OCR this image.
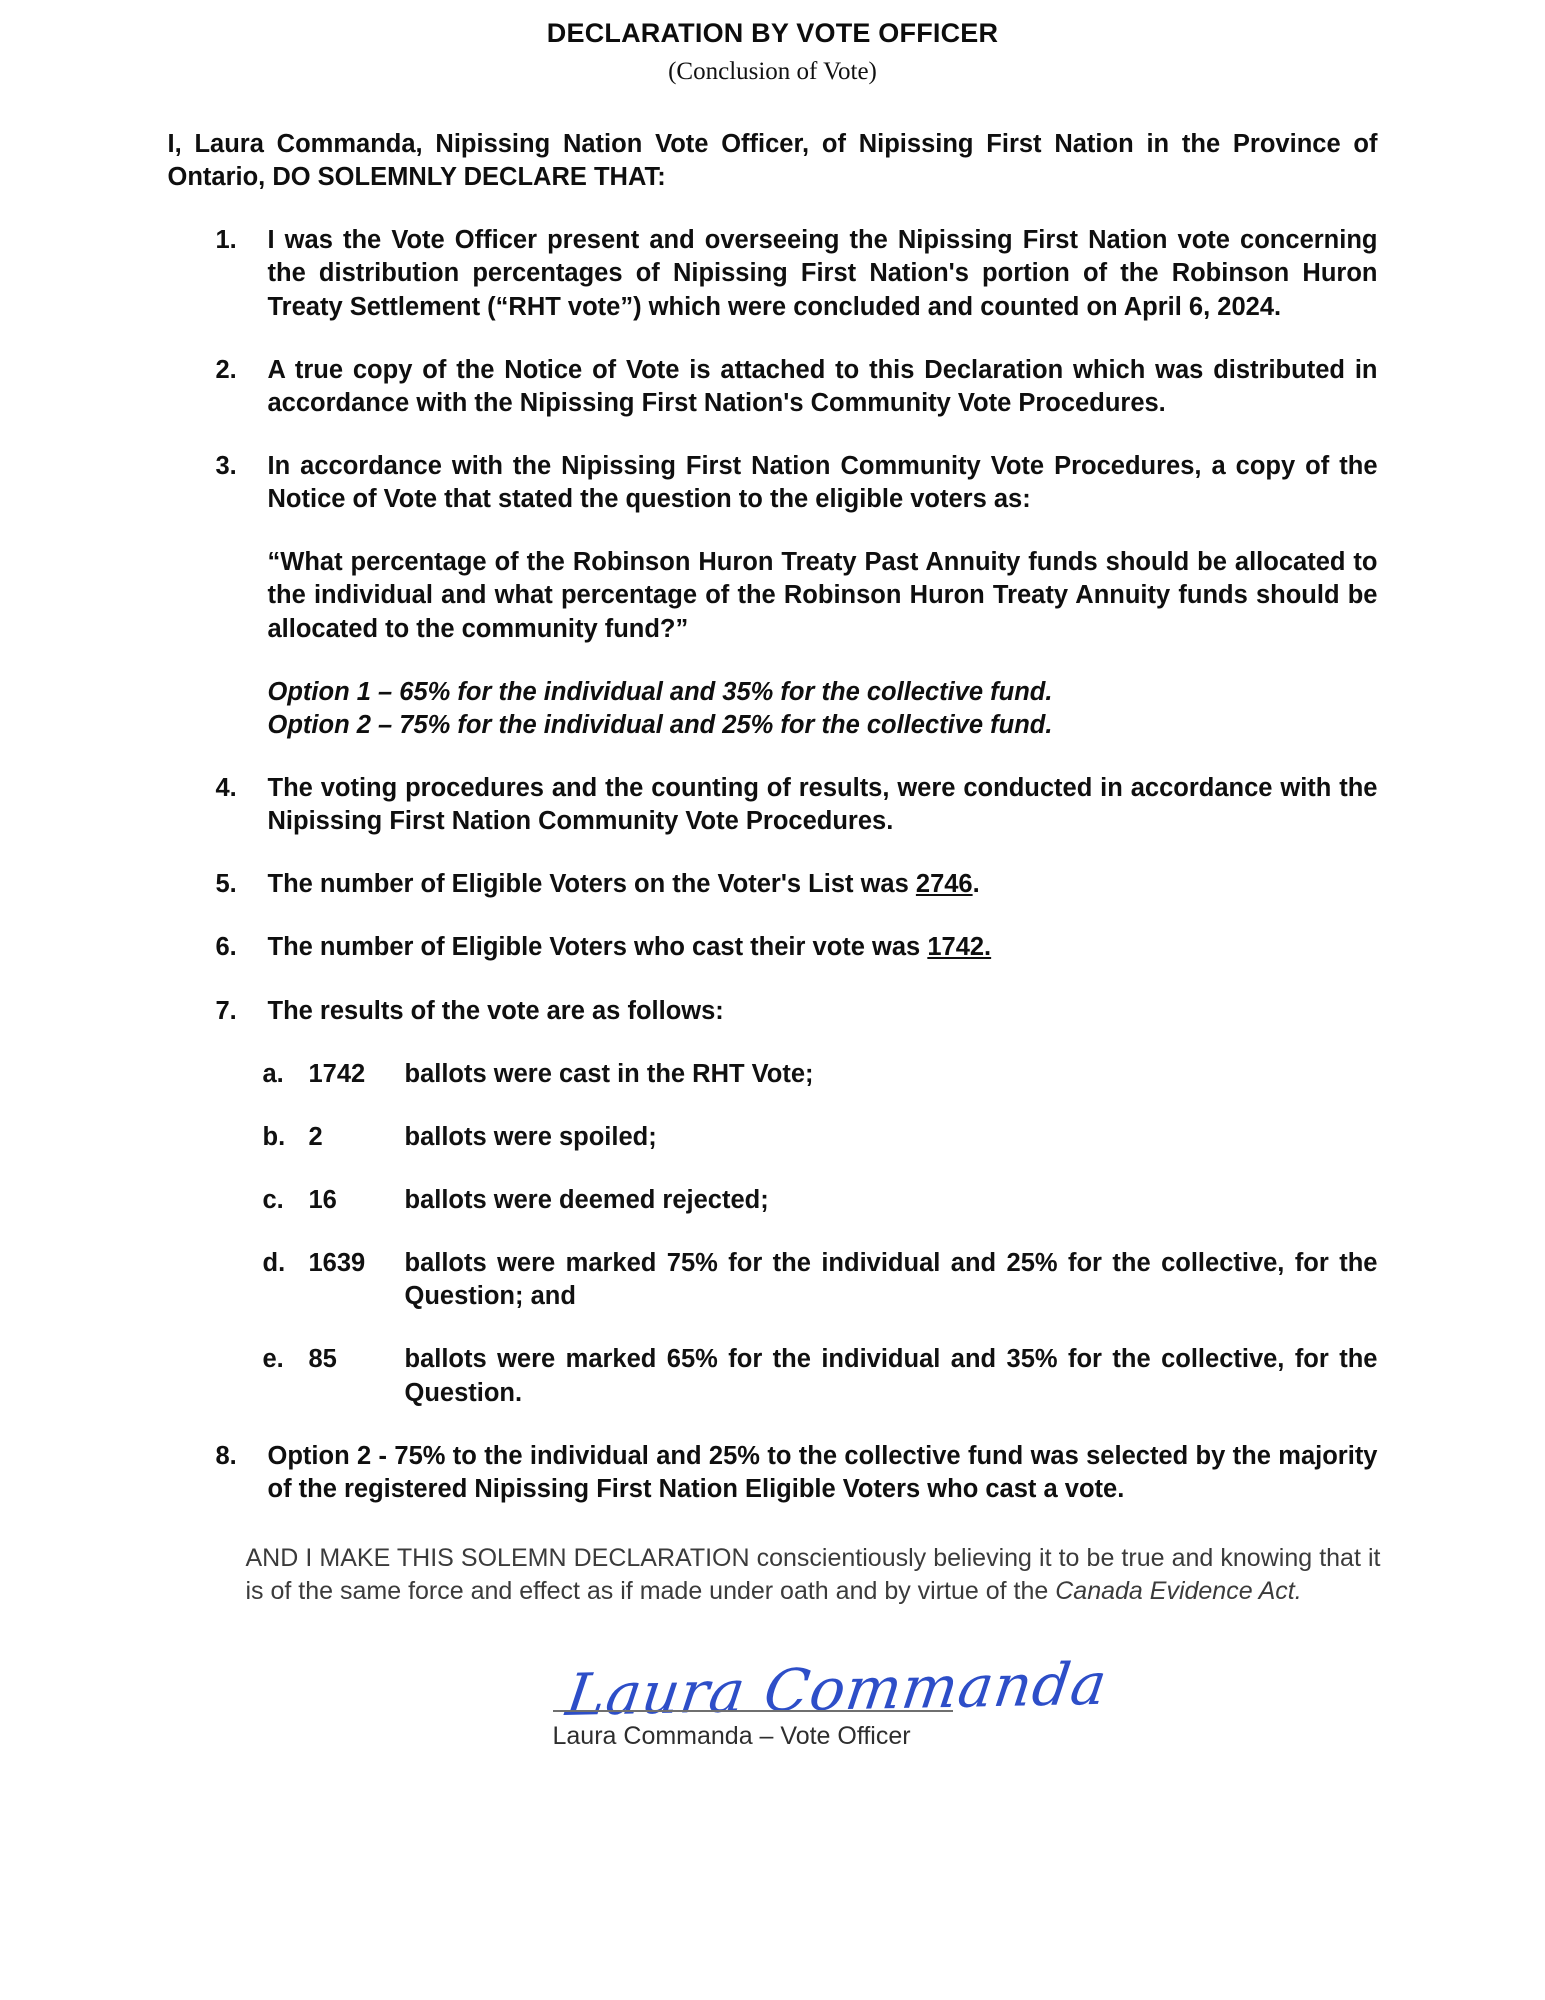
DECLARATION BY VOTE OFFICER
(Conclusion of Vote)

I, Laura Commanda, Nipissing Nation Vote Officer, of Nipissing First Nation in the Province of Ontario, DO SOLEMNLY DECLARE THAT:

1.	I was the Vote Officer present and overseeing the Nipissing First Nation vote concerning the distribution percentages of Nipissing First Nation's portion of the Robinson Huron Treaty Settlement (“RHT vote”) which were concluded and counted on April 6, 2024.
2.	A true copy of the Notice of Vote is attached to this Declaration which was distributed in accordance with the Nipissing First Nation's Community Vote Procedures.
3.	In accordance with the Nipissing First Nation Community Vote Procedures, a copy of the Notice of Vote that stated the question to the eligible voters as:
“What percentage of the Robinson Huron Treaty Past Annuity funds should be allocated to the individual and what percentage of the Robinson Huron Treaty Annuity funds should be allocated to the community fund?”
Option 1 – 65% for the individual and 35% for the collective fund.
Option 2 – 75% for the individual and 25% for the collective fund.
4.	The voting procedures and the counting of results, were conducted in accordance with the Nipissing First Nation Community Vote Procedures.
5.	The number of Eligible Voters on the Voter's List was 2746.
6.	The number of Eligible Voters who cast their vote was 1742.
7.	The results of the vote are as follows:
a. 1742	ballots were cast in the RHT Vote;
b. 2	ballots were spoiled;
c. 16	ballots were deemed rejected;
d. 1639	ballots were marked 75% for the individual and 25% for the collective, for the Question; and
e. 85	ballots were marked 65% for the individual and 35% for the collective, for the Question.
8.	Option 2 - 75% to the individual and 25% to the collective fund was selected by the majority of the registered Nipissing First Nation Eligible Voters who cast a vote.

AND I MAKE THIS SOLEMN DECLARATION conscientiously believing it to be true and knowing that it is of the same force and effect as if made under oath and by virtue of the Canada Evidence Act.

Laura Commanda
Laura Commanda – Vote Officer
